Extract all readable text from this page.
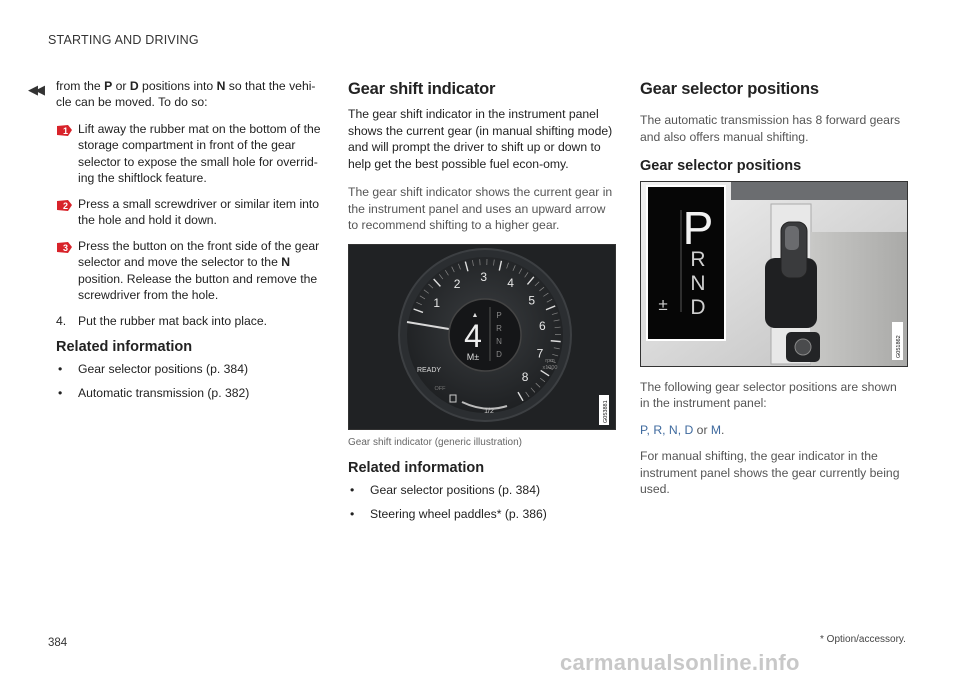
STARTING AND DRIVING
◀◀ from the P or D positions into N so that the vehi-cle can be moved. To do so:

1 Lift away the rubber mat on the bottom of the storage compartment in front of the gear selector to expose the small hole for overrid-ing the shiftlock feature.
2 Press a small screwdriver or similar item into the hole and hold it down.
3 Press the button on the front side of the gear selector and move the selector to the N position. Release the button and remove the screwdriver from the hole.
4. Put the rubber mat back into place.
Related information
• Gear selector positions (p. 384)
• Automatic transmission (p. 382)
Gear shift indicator

The gear shift indicator in the instrument panel shows the current gear (in manual shifting mode) and will prompt the driver to shift up or down to help get the best possible fuel econ-omy.

The gear shift indicator shows the current gear in the instrument panel and uses an upward arrow to recommend shifting to a higher gear.

1
2
3 4
5
6
7
8
▲
4
M±
P
R
N
D
READY
OFF
rpm
x1000
1/2	G053881
Gear shift indicator (generic illustration)
Related information
• Gear selector positions (p. 384)
• Steering wheel paddles* (p. 386)
Gear selector positions

The automatic transmission has 8 forward gears and also offers manual shifting.

Gear selector positions
P
R
N
D
±
G051862

The following gear selector positions are shown in the instrument panel:

P, R, N, D or M.

For manual shifting, the gear indicator in the instrument panel shows the gear currently being used.

384	* Option/accessory.
carmanualsonline.info
